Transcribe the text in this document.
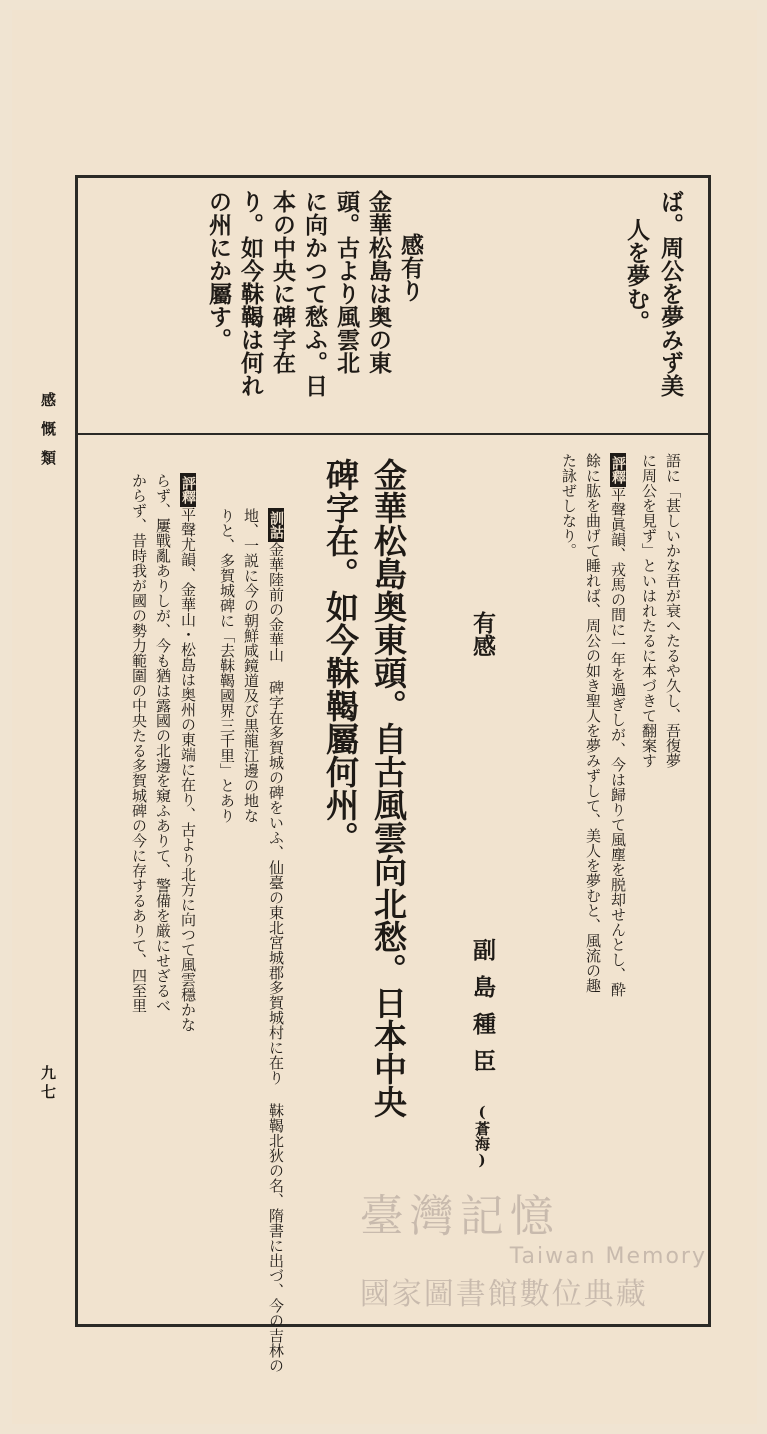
感慨類
九七
ば。周公を夢みず美
人を夢む。
感有り
金華松島は奥の東
頭。古より風雲北
に向かつて愁ふ。日
本の中央に碑字在
り。如今靺鞨は何れ
の州にか屬す。
語に「甚しいかな吾が衰へたるや久し、吾復夢
に周公を見ず」といはれたるに本づきて翻案す
評釋平聲眞韻、戎馬の間に一年を過ぎしが、今は歸りて風塵を脱却せんとし、酔
餘に肱を曲げて睡れば、周公の如き聖人を夢みずして、美人を夢むと、風流の趣
た詠ぜしなり。
有感
副島種臣
(蒼海)
金華松島奥東頭。自古風雲向北愁。日本中央
碑字在。如今靺鞨屬何州。
訓詁金華陸前の金華山 碑字在多賀城の碑をいふ、仙臺の東北宮城郡多賀城村に在り 靺鞨北狄の名、隋書に出づ、今の吉林の
地、一説に今の朝鮮咸鏡道及び黒龍江邊の地な
りと、多賀城碑に「去靺鞨國界三千里」とあり
評釋平聲尤韻、金華山・松島は奥州の東端に在り、古より北方に向つて風雲穩かな
らず、屢戰亂ありしが、今も猶は露國の北邊を窺ふありて、警備を厳にせざるべ
からず、昔時我が國の勢力範圍の中央たる多賀城碑の今に存するありて、四至里
臺灣記憶
Taiwan Memory
國家圖書館數位典藏
